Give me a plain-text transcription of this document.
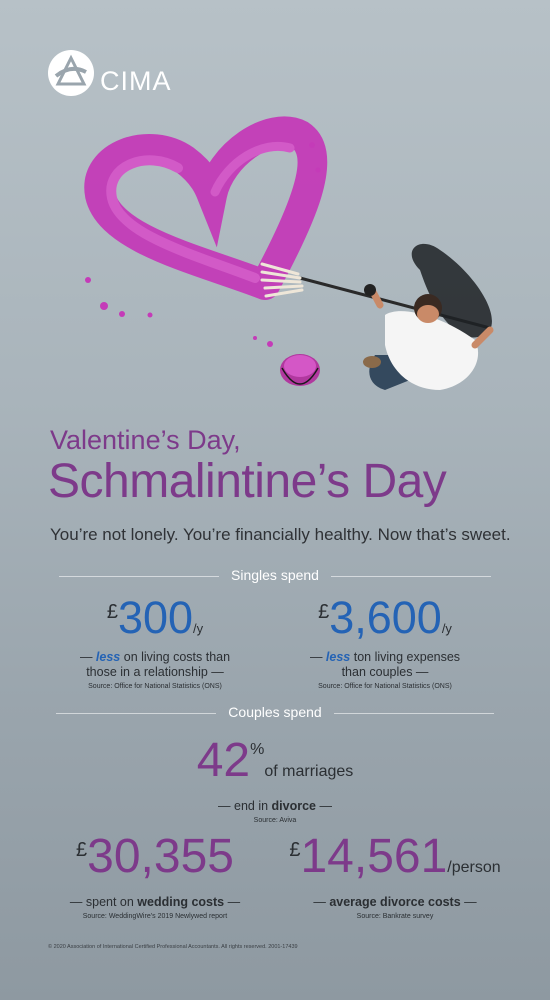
CIMA
Valentine’s Day,
Schmalintine’s Day
You’re not lonely. You’re financially healthy. Now that’s sweet.
Singles spend
£300/y
— less on living costs than
those in a relationship —
Source: Office for National Statistics (ONS)
£3,600/y
— less ton living expenses
than couples —
Source: Office for National Statistics (ONS)
Couples spend
42%of marriages
— end in divorce —
Source: Aviva
£30,355
— spent on wedding costs —
Source: WeddingWire’s 2019 Newlywed report
£14,561/person
— average divorce costs —
Source: Bankrate survey
© 2020 Association of International Certified Professional Accountants. All rights reserved. 2001-17439
